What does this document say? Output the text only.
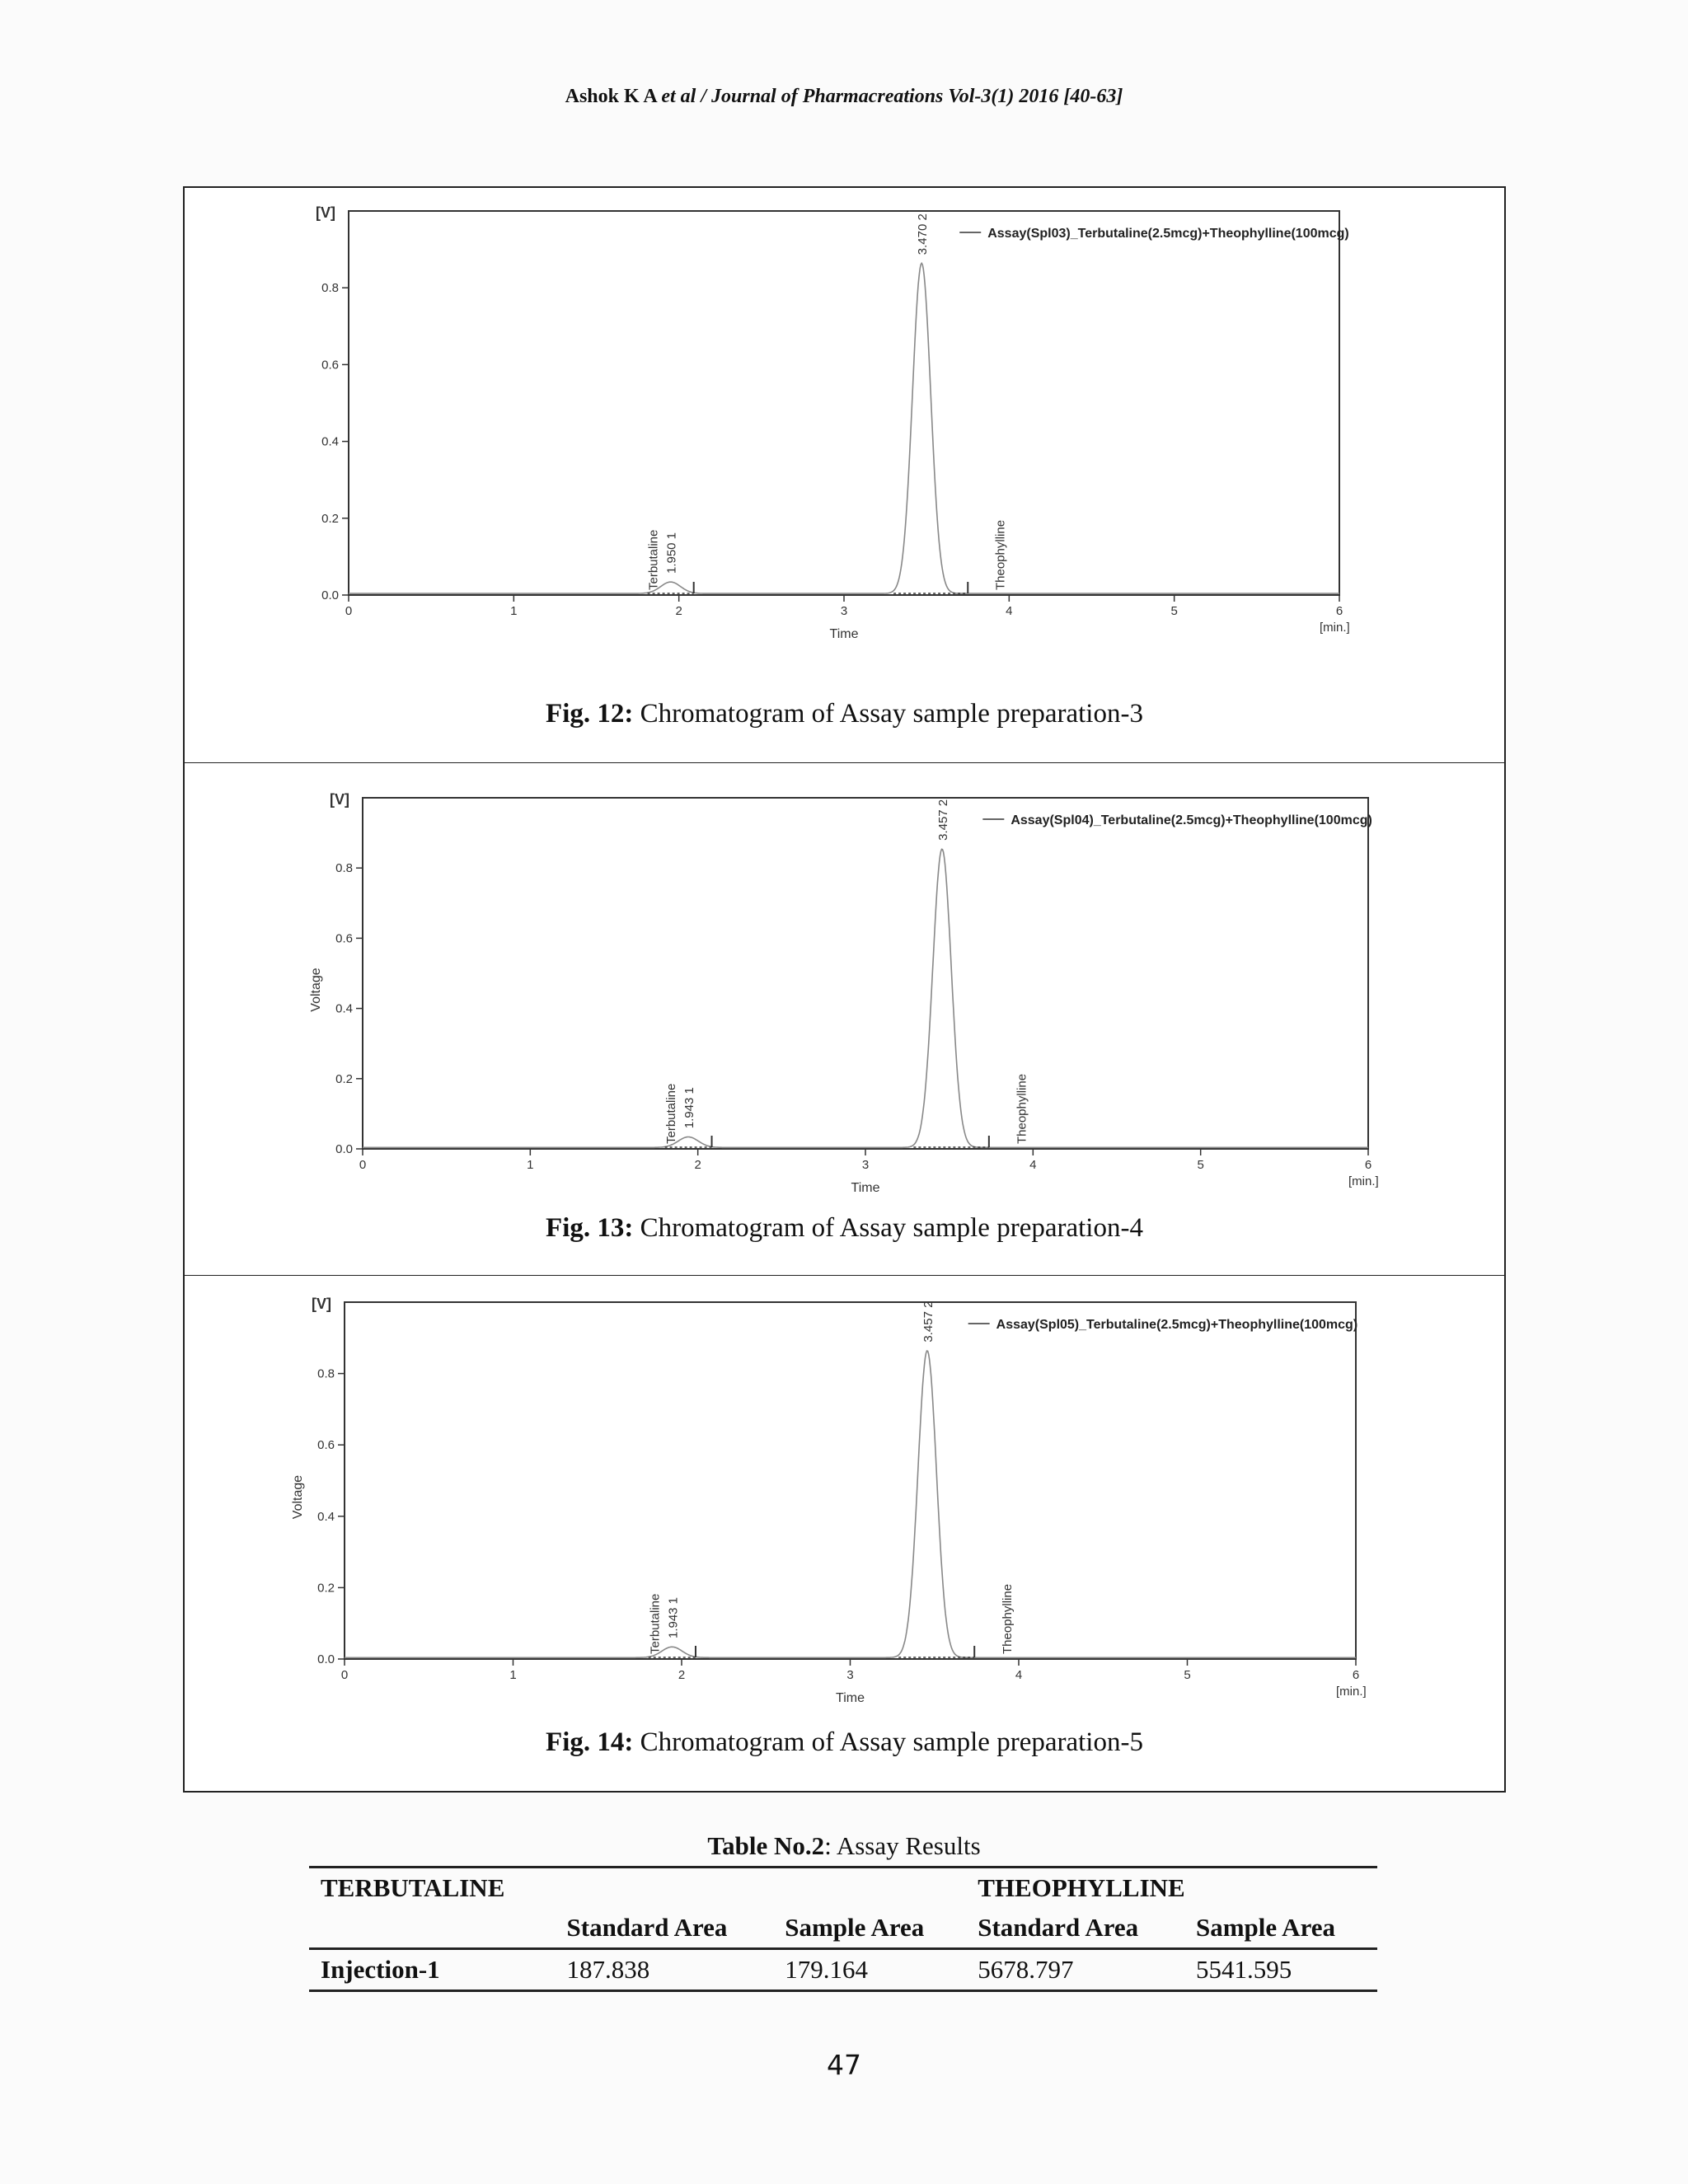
Ashok K A et al / Journal of Pharmacreations Vol-3(1) 2016 [40-63]
[V]
0.0
0.2
0.4
0.6
0.8
0	1	2	3	4	5	6
Time	[min.]
Assay(Spl03)_Terbutaline(2.5mcg)+Theophylline(100mcg)
1.950 1
Terbutaline
3.470 2
Theophylline
Fig. 12: Chromatogram of Assay sample preparation-3
[V]
0.0
0.2
0.4
0.6
0.8
0	1	2	3	4	5	6
Time	[min.]
Voltage
Assay(Spl04)_Terbutaline(2.5mcg)+Theophylline(100mcg)
1.943 1
Terbutaline
3.457 2
Theophylline
Fig. 13: Chromatogram of Assay sample preparation-4
[V]
0.0
0.2
0.4
0.6
0.8
0	1	2	3	4	5	6
Time	[min.]
Voltage
Assay(Spl05)_Terbutaline(2.5mcg)+Theophylline(100mcg)
1.943 1
Terbutaline
3.457 2
Theophylline
Fig. 14: Chromatogram of Assay sample preparation-5
Table No.2: Assay Results
TERBUTALINE			THEOPHYLLINE	
	Standard Area	Sample Area	Standard Area	Sample Area
Injection-1	187.838	179.164	5678.797	5541.595
47
